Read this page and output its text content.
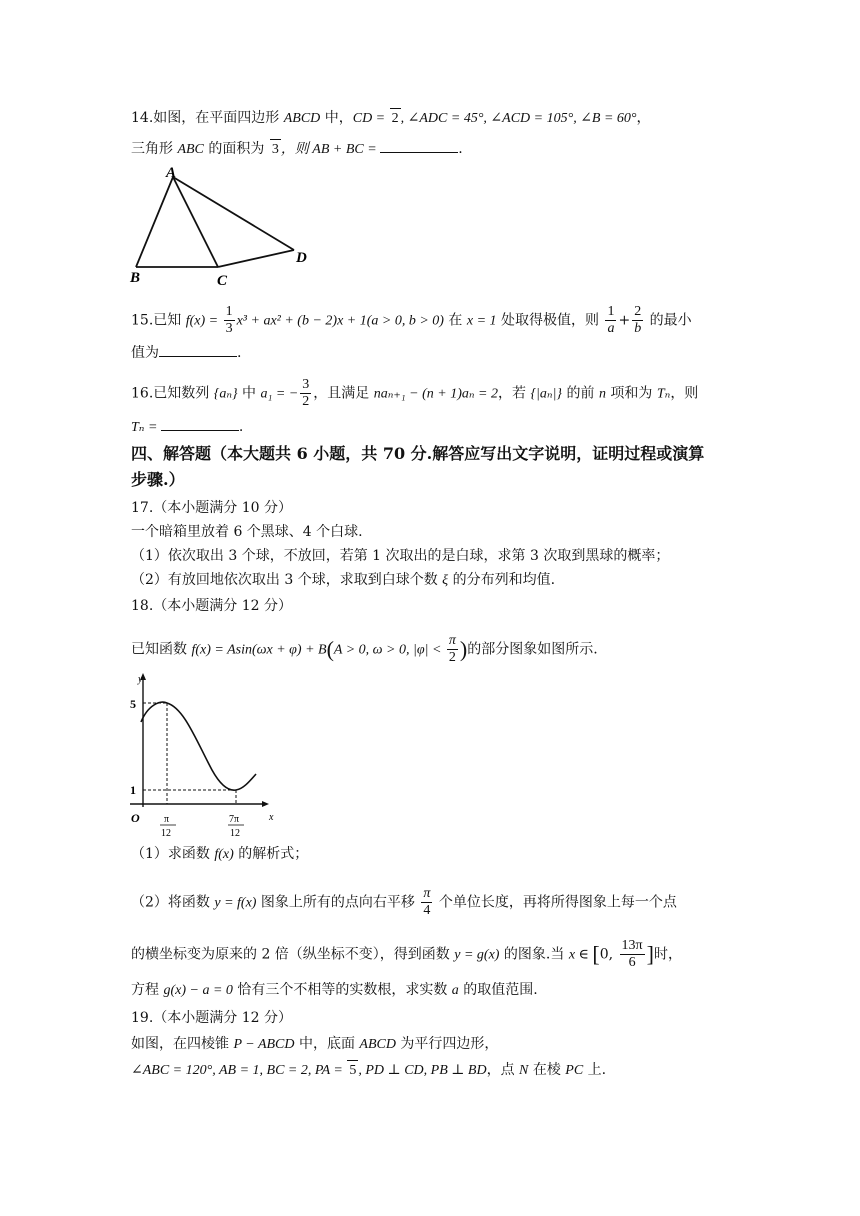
14.如图，在平面四边形 ABCD 中，CD = 2 , ∠ADC = 45°, ∠ACD = 105°, ∠B = 60°，
三角形 ABC 的面积为 3 ，则 AB + BC =	.
A
B	C
D
15.已知 $f(x) = \frac{1}{3} x^3 + ax^2 + (b - 2)x + 1(a > 0$, b > 0) 在 x = 1 处取得极值，则 $\frac{1}{a} + \frac{2}{b}$ 的最小
值为	.
16.已知数列 {aₙ} 中 a₁ = − $\frac{3}{2}$ ，且满足 naₙ₊₁ − (n + 1)aₙ = 2，若 {|aₙ|} 的前 n 项和为 Tₙ，则
Tₙ =	.
四、解答题（本大题共 6 小题，共 70 分.解答应写出文字说明，证明过程或演算
步骤.）
17.（本小题满分 10 分）
一个暗箱里放着 6 个黑球、4 个白球.
（1）依次取出 3 个球，不放回，若第 1 次取出的是白球，求第 3 次取到黑球的概率；
（2）有放回地依次取出 3 个球，求取到白球个数 ξ 的分布列和均值.
18.（本小题满分 12 分）
已知函数 f(x) = Asin(ωx + φ) + B(A > 0, ω > 0, $|\varphi| < \frac{\pi}{2}$ )的部分图象如图所示.
y
x
O
5
1
π
12
7π
12
（1）求函数 f(x) 的解析式；
（2）将函数 y = f(x) 图象上所有的点向右平移 $\frac{\pi}{4}$ 个单位长度，再将所得图象上每一个点
的横坐标变为原来的 2 倍（纵坐标不变），得到函数 y = g(x) 的图象.当 x ∈ [0, $\frac{13\pi}{6}$ ]时，
方程 g(x) − a = 0 恰有三个不相等的实数根，求实数 a 的取值范围.
19.（本小题满分 12 分）
如图，在四棱锥 P − ABCD 中，底面 ABCD 为平行四边形，
∠ABC = 120°, AB = 1, BC = 2, PA = 5 , PD ⊥ CD, PB ⊥ BD，点 N 在棱 PC 上.
